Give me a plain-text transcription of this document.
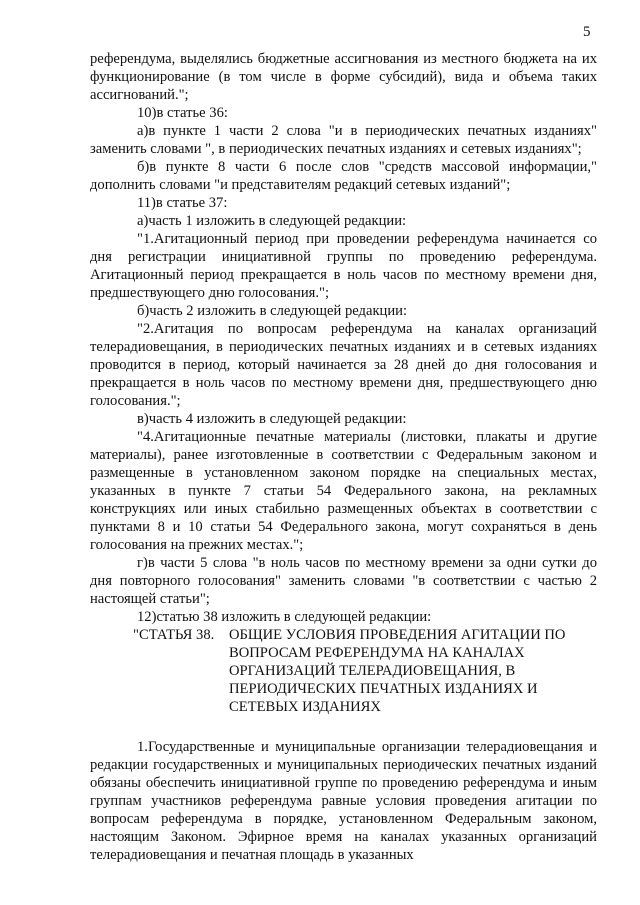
5

референдума, выделялись бюджетные ассигнования из местного бюджета на их функционирование (в том числе в форме субсидий), вида и объема таких ассигнований.";

10)в статье 36:

а)в пункте 1 части 2 слова "и в периодических печатных изданиях" заменить словами ", в периодических печатных изданиях и сетевых изданиях";

б)в пункте 8 части 6 после слов "средств массовой информации," дополнить словами "и представителям редакций сетевых изданий";

11)в статье 37:

а)часть 1 изложить в следующей редакции:

"1.Агитационный период при проведении референдума начинается со дня регистрации инициативной группы по проведению референдума. Агитационный период прекращается в ноль часов по местному времени дня, предшествующего дню голосования.";

б)часть 2 изложить в следующей редакции:

"2.Агитация по вопросам референдума на каналах организаций телерадиовещания, в периодических печатных изданиях и в сетевых изданиях проводится в период, который начинается за 28 дней до дня голосования и прекращается в ноль часов по местному времени дня, предшествующего дню голосования.";

в)часть 4 изложить в следующей редакции:

"4.Агитационные печатные материалы (листовки, плакаты и другие материалы), ранее изготовленные в соответствии с Федеральным законом и размещенные в установленном законом порядке на специальных местах, указанных в пункте 7 статьи 54 Федерального закона, на рекламных конструкциях или иных стабильно размещенных объектах в соответствии с пунктами 8 и 10 статьи 54 Федерального закона, могут сохраняться в день голосования на прежних местах.";

г)в части 5 слова "в ноль часов по местному времени за одни сутки до дня повторного голосования" заменить словами "в соответствии с частью 2 настоящей статьи";

12)статью 38 изложить в следующей редакции:

"СТАТЬЯ 38.	ОБЩИЕ УСЛОВИЯ ПРОВЕДЕНИЯ АГИТАЦИИ ПО ВОПРОСАМ РЕФЕРЕНДУМА НА КАНАЛАХ ОРГАНИЗАЦИЙ ТЕЛЕРАДИОВЕЩАНИЯ, В ПЕРИОДИЧЕСКИХ ПЕЧАТНЫХ ИЗДАНИЯХ И СЕТЕВЫХ ИЗДАНИЯХ

1.Государственные и муниципальные организации телерадиовещания и редакции государственных и муниципальных периодических печатных изданий обязаны обеспечить инициативной группе по проведению референдума и иным группам участников референдума равные условия проведения агитации по вопросам референдума в порядке, установленном Федеральным законом, настоящим Законом. Эфирное время на каналах указанных организаций телерадиовещания и печатная площадь в указанных
